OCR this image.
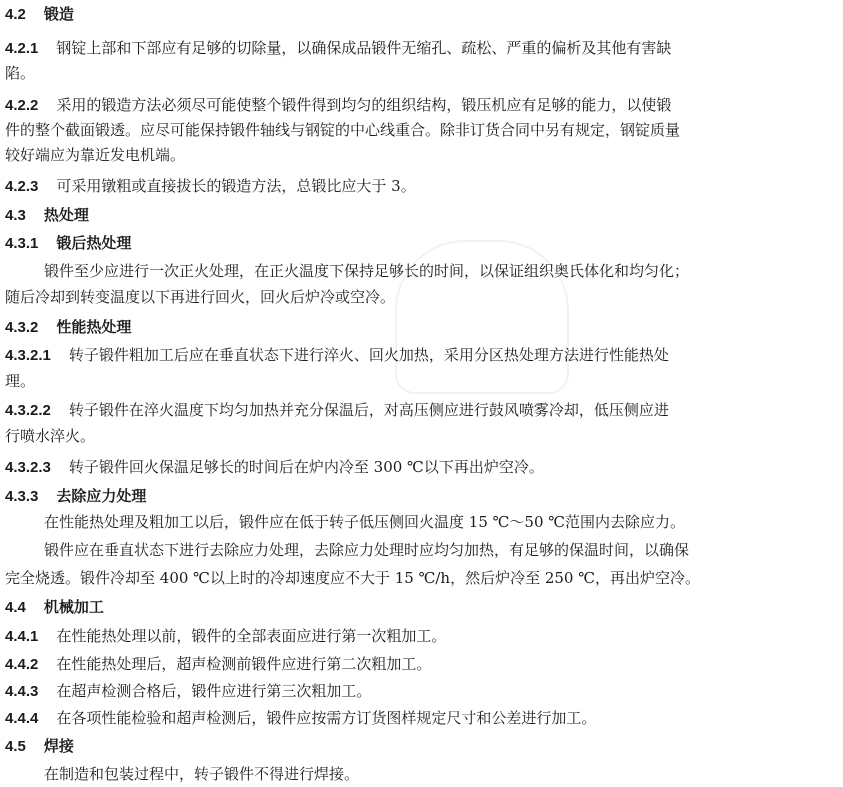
4.2 锻造
4.2.1 钢锭上部和下部应有足够的切除量，以确保成品锻件无缩孔、疏松、严重的偏析及其他有害缺
陷。
4.2.2 采用的锻造方法必须尽可能使整个锻件得到均匀的组织结构，锻压机应有足够的能力，以使锻
件的整个截面锻透。应尽可能保持锻件轴线与钢锭的中心线重合。除非订货合同中另有规定，钢锭质量
较好端应为靠近发电机端。
4.2.3 可采用镦粗或直接拔长的锻造方法，总锻比应大于 3。
4.3 热处理
4.3.1 锻后热处理
锻件至少应进行一次正火处理，在正火温度下保持足够长的时间，以保证组织奥氏体化和均匀化；
随后冷却到转变温度以下再进行回火，回火后炉冷或空冷。
4.3.2 性能热处理
4.3.2.1 转子锻件粗加工后应在垂直状态下进行淬火、回火加热，采用分区热处理方法进行性能热处
理。
4.3.2.2 转子锻件在淬火温度下均匀加热并充分保温后，对高压侧应进行鼓风喷雾冷却，低压侧应进
行喷水淬火。
4.3.2.3 转子锻件回火保温足够长的时间后在炉内冷至 300 ℃以下再出炉空冷。
4.3.3 去除应力处理
在性能热处理及粗加工以后，锻件应在低于转子低压侧回火温度 15 ℃～50 ℃范围内去除应力。
锻件应在垂直状态下进行去除应力处理，去除应力处理时应均匀加热，有足够的保温时间，以确保
完全烧透。锻件冷却至 400 ℃以上时的冷却速度应不大于 15 ℃/h，然后炉冷至 250 ℃，再出炉空冷。
4.4 机械加工
4.4.1 在性能热处理以前，锻件的全部表面应进行第一次粗加工。
4.4.2 在性能热处理后，超声检测前锻件应进行第二次粗加工。
4.4.3 在超声检测合格后，锻件应进行第三次粗加工。
4.4.4 在各项性能检验和超声检测后，锻件应按需方订货图样规定尺寸和公差进行加工。
4.5 焊接
在制造和包装过程中，转子锻件不得进行焊接。
